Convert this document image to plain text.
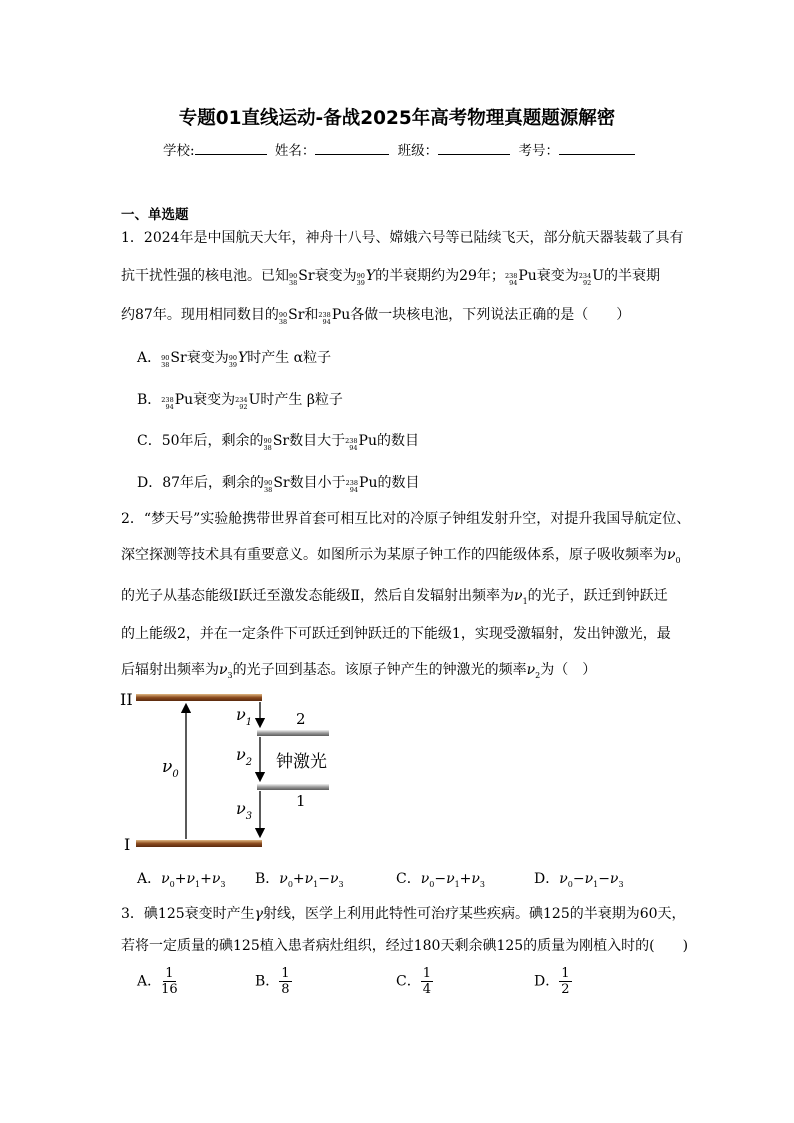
专题01直线运动-备战2025年高考物理真题题源解密
学校:	姓名：	班级：	考号：
一、单选题
1．2024年是中国航天大年，神舟十八号、嫦娥六号等已陆续飞天，部分航天器装载了具有
抗干扰性强的核电池。已知 90
38 Sr 衰变为 90
39 Y 的半衰期约为29年； 238
94 Pu 衰变为 234
92 U 的半衰期
约87年。现用相同数目的 90
38 Sr 和 238
94 Pu 各做一块核电池，下列说法正确的是（　　）
A． 90
38 Sr 衰变为 90
39 Y 时产生 α粒子
B． 238
94 Pu 衰变为 234
92 U 时产生 β粒子
C．50年后，剩余的 90
38 Sr 数目大于 238
94 Pu 的数目
D．87年后，剩余的 90
38 Sr 数目小于 238
94 Pu 的数目
2．“梦天号”实验舱携带世界首套可相互比对的冷原子钟组发射升空，对提升我国导航定位、
深空探测等技术具有重要意义。如图所示为某原子钟工作的四能级体系，原子吸收频率为$\nu_0$
的光子从基态能级Ⅰ跃迁至激发态能级Ⅱ，然后自发辐射出频率为$\nu_1$的光子，跃迁到钟跃迁
的上能级2，并在一定条件下可跃迁到钟跃迁的下能级1，实现受激辐射，发出钟激光，最
后辐射出频率为$\nu_3$的光子回到基态。该原子钟产生的钟激光的频率$\nu_2$为（　）
II
I
2
1
钟激光
$\nu_0$
$\nu_1$
$\nu_2$
$\nu_3$
A．$\nu_0+\nu_1+\nu_3$ B．$\nu_0+\nu_1-\nu_3$	C．$\nu_0-\nu_1+\nu_3$	D．$\nu_0-\nu_1-\nu_3$
3．碘125衰变时产生γ射线，医学上利用此特性可治疗某些疾病。碘125的半衰期为60天，
若将一定质量的碘125植入患者病灶组织，经过180天剩余碘125的质量为刚植入时的(　　)
A． $\frac{1}{16}$	B． $\frac{1}{8}$	C． $\frac{1}{4}$	D． $\frac{1}{2}$
